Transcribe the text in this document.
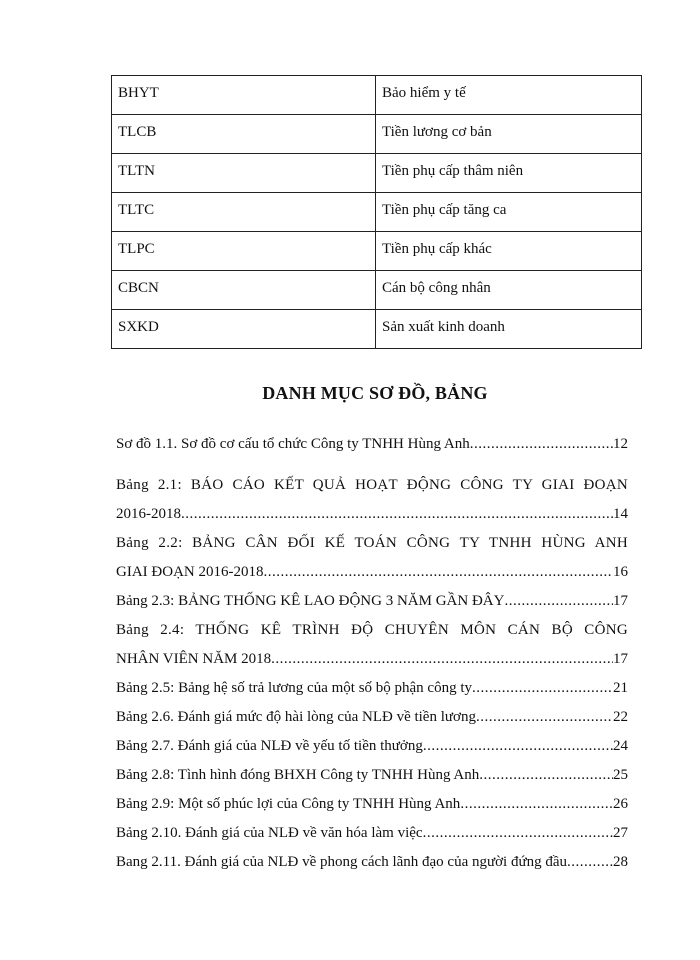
BHYT	Bảo hiểm y tế
TLCB	Tiền lương cơ bản
TLTN	Tiền phụ cấp thâm niên
TLTC	Tiền phụ cấp tăng ca
TLPC	Tiền phụ cấp khác
CBCN	Cán bộ công nhân
SXKD	Sản xuất kinh doanh
DANH MỤC SƠ ĐỒ, BẢNG
Sơ đồ 1.1. Sơ đồ cơ cấu tổ chức Công ty TNHH Hùng Anh .....	12
Bảng 2.1: BÁO CÁO KẾT QUẢ HOẠT ĐỘNG CÔNG TY GIAI ĐOẠN
2016-2018 .....	14
Bảng 2.2: BẢNG CÂN ĐỐI KẾ TOÁN CÔNG TY TNHH HÙNG ANH
GIAI ĐOẠN 2016-2018 .....	16
Bảng 2.3: BẢNG THỐNG KÊ LAO ĐỘNG 3 NĂM GẦN ĐÂY .....	17
Bảng 2.4: THỐNG KÊ TRÌNH ĐỘ CHUYÊN MÔN CÁN BỘ CÔNG
NHÂN VIÊN NĂM 2018 .....	17
Bảng 2.5: Bảng hệ số trả lương của một số bộ phận công ty .....	21
Bảng 2.6. Đánh giá mức độ hài lòng của NLĐ về tiền lương .....	22
Bảng 2.7. Đánh giá của NLĐ về yếu tố tiền thưởng .....	24
Bảng 2.8: Tình hình đóng BHXH Công ty TNHH Hùng Anh .....	25
Bảng 2.9: Một số phúc lợi của Công ty TNHH Hùng Anh .....	26
Bảng 2.10. Đánh giá của NLĐ về văn hóa làm việc .....	27
Bang 2.11. Đánh giá của NLĐ về phong cách lãnh đạo của người đứng đầu .....	28
